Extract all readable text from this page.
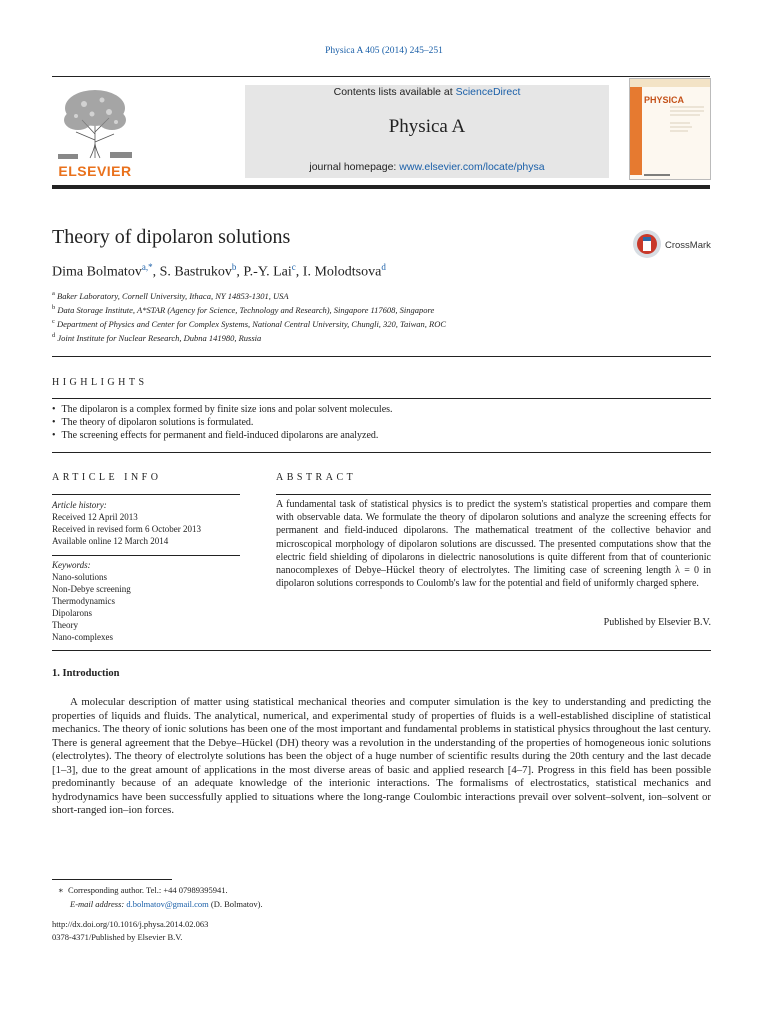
Physica A 405 (2014) 245–251
ELSEVIER
Contents lists available at ScienceDirect
Physica A
journal homepage: www.elsevier.com/locate/physa
PHYSICA
Theory of dipolaron solutions	CrossMark
Dima Bolmatov$^{a,*}$, S. Bastrukov$^b$, P.-Y. Lai$^c$, I. Molodtsova$^d$
$^a$ Baker Laboratory, Cornell University, Ithaca, NY 14853-1301, USA
$^b$ Data Storage Institute, A*STAR (Agency for Science, Technology and Research), Singapore 117608, Singapore
$^c$ Department of Physics and Center for Complex Systems, National Central University, Chungli, 320, Taiwan, ROC
$^d$ Joint Institute for Nuclear Research, Dubna 141980, Russia
HIGHLIGHTS
• The dipolaron is a complex formed by finite size ions and polar solvent molecules.
• The theory of dipolaron solutions is formulated.
• The screening effects for permanent and field-induced dipolarons are analyzed.
ARTICLE INFO
Article history:
Received 12 April 2013
Received in revised form 6 October 2013
Available online 12 March 2014
Keywords:
Nano-solutions
Non-Debye screening
Thermodynamics
Dipolarons
Theory
Nano-complexes
ABSTRACT
A fundamental task of statistical physics is to predict the system's statistical properties and compare them with observable data. We formulate the theory of dipolaron solutions and analyze the screening effects for permanent and field-induced dipolarons. The mathematical treatment of the collective behavior and microscopical morphology of dipolaron solutions are discussed. The presented computations show that the electric field shielding of dipolarons in dielectric nanosolutions is quite different from that of counterionic nanocomplexes of Debye–Hückel theory of electrolytes. The limiting case of screening length λ = 0 in dipolaron solutions corresponds to Coulomb's law for the potential and field of uniformly charged sphere.
Published by Elsevier B.V.
1. Introduction
A molecular description of matter using statistical mechanical theories and computer simulation is the key to understanding and predicting the properties of liquids and fluids. The analytical, numerical, and experimental study of properties of fluids is a well-established discipline of statistical mechanics. The theory of ionic solutions has been one of the most important and fundamental problems in statistical physics throughout the last century. There is general agreement that the Debye–Hückel (DH) theory was a revolution in the understanding of the properties of homogeneous ionic solutions (electrolytes). The theory of electrolyte solutions has been the object of a huge number of scientific results during the 20th century and the last decade [1–3], due to the great amount of applications in the most diverse areas of basic and applied research [4–7]. Progress in this field has been possible predominantly because of an adequate knowledge of the interionic interactions. The formalisms of electrostatics, statistical mechanics and hydrodynamics have been successfully applied to situations where the long-range Coulombic interactions prevail over solvent–solvent, ion–solvent or short-ranged ion–ion forces.
∗ Corresponding author. Tel.: +44 07989395941.
E-mail address: d.bolmatov@gmail.com (D. Bolmatov).
http://dx.doi.org/10.1016/j.physa.2014.02.063
0378-4371/Published by Elsevier B.V.
